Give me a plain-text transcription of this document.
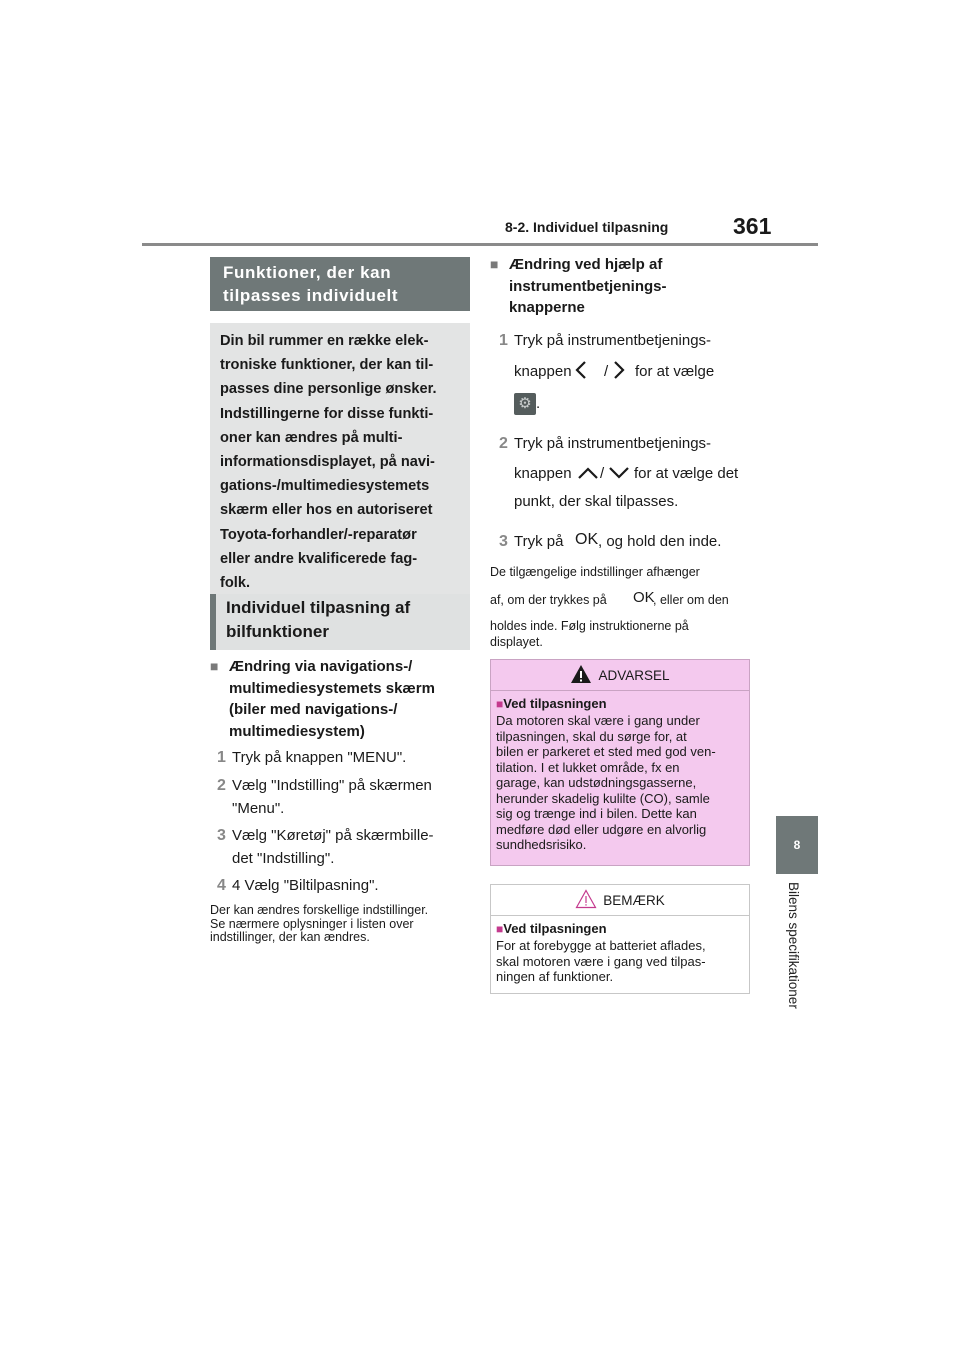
8-2. Individuel tilpasning	361
8
Bilens specifikationer
Funktioner, der kan
tilpasses individuelt
Din bil rummer en række elek-
troniske funktioner, der kan til-
passes dine personlige ønsker.
Indstillingerne for disse funkti-
oner kan ændres på multi-
informationsdisplayet, på navi-
gations-/multimediesystemets
skærm eller hos en autoriseret
Toyota-forhandler/-reparatør
eller andre kvalificerede fag-
folk.
Individuel tilpasning af
bilfunktioner
■ Ændring via navigations-/
multimediesystemets skærm
(biler med navigations-/
multimediesystem)
1 Tryk på knappen "MENU".
2 Vælg "Indstilling" på skærmen
"Menu".
3 Vælg "Køretøj" på skærmbille-
det "Indstilling".
4 4 Vælg "Biltilpasning".
Der kan ændres forskellige indstillinger.
Se nærmere oplysninger i listen over
indstillinger, der kan ændres.
■ Ændring ved hjælp af
instrumentbetjenings-
knapperne
1 Tryk på instrumentbetjenings-
knappen / for at vælge
⚙ .
2 Tryk på instrumentbetjenings-
knappen / for at vælge det
punkt, der skal tilpasses.
3 Tryk på OK , og hold den inde.
De tilgængelige indstillinger afhænger
af, om der trykkes på OK
, eller om den
holdes inde. Følg instruktionerne på
displayet.
ADVARSEL
■Ved tilpasningen
Da motoren skal være i gang under
tilpasningen, skal du sørge for, at
bilen er parkeret et sted med god ven-
tilation. I et lukket område, fx en
garage, kan udstødningsgasserne,
herunder skadelig kulilte (CO), samle
sig og trænge ind i bilen. Dette kan
medføre død eller udgøre en alvorlig
sundhedsrisiko.
BEMÆRK
■Ved tilpasningen
For at forebygge at batteriet aflades,
skal motoren være i gang ved tilpas-
ningen af funktioner.
